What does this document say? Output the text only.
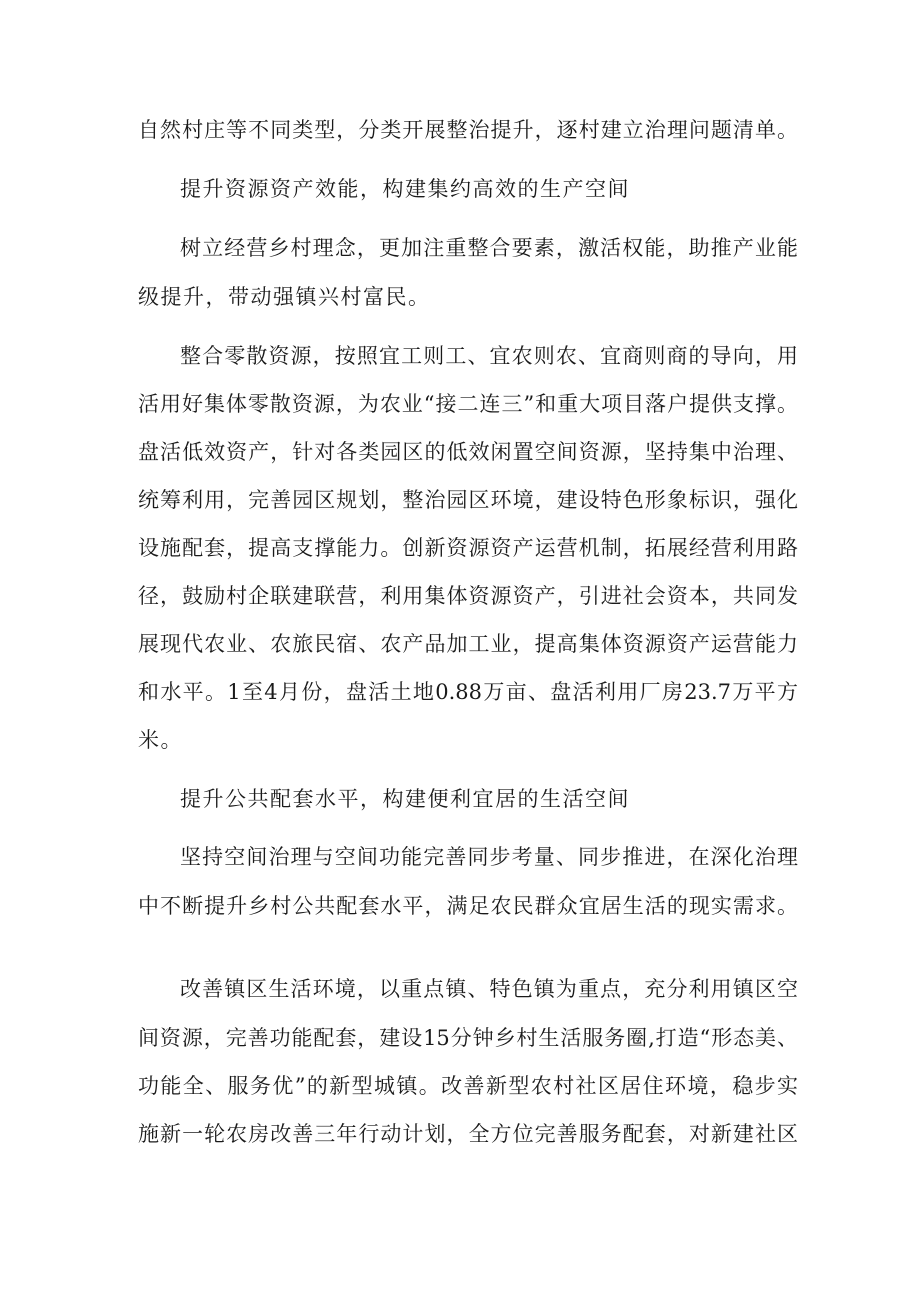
自然村庄等不同类型，分类开展整治提升，逐村建立治理问题清单。

提升资源资产效能，构建集约高效的生产空间

树立经营乡村理念，更加注重整合要素，激活权能，助推产业能

级提升，带动强镇兴村富民。

整合零散资源，按照宜工则工、宜农则农、宜商则商的导向，用

活用好集体零散资源，为农业“接二连三”和重大项目落户提供支撑。

盘活低效资产，针对各类园区的低效闲置空间资源，坚持集中治理、

统筹利用，完善园区规划，整治园区环境，建设特色形象标识，强化

设施配套，提高支撑能力。创新资源资产运营机制，拓展经营利用路

径，鼓励村企联建联营，利用集体资源资产，引进社会资本，共同发

展现代农业、农旅民宿、农产品加工业，提高集体资源资产运营能力

和水平。1至4月份，盘活土地0.88万亩、盘活利用厂房23.7万平方

米。

提升公共配套水平，构建便利宜居的生活空间

坚持空间治理与空间功能完善同步考量、同步推进，在深化治理

中不断提升乡村公共配套水平，满足农民群众宜居生活的现实需求。

改善镇区生活环境，以重点镇、特色镇为重点，充分利用镇区空

间资源，完善功能配套，建设15分钟乡村生活服务圈,打造“形态美、

功能全、服务优”的新型城镇。改善新型农村社区居住环境，稳步实

施新一轮农房改善三年行动计划，全方位完善服务配套，对新建社区
